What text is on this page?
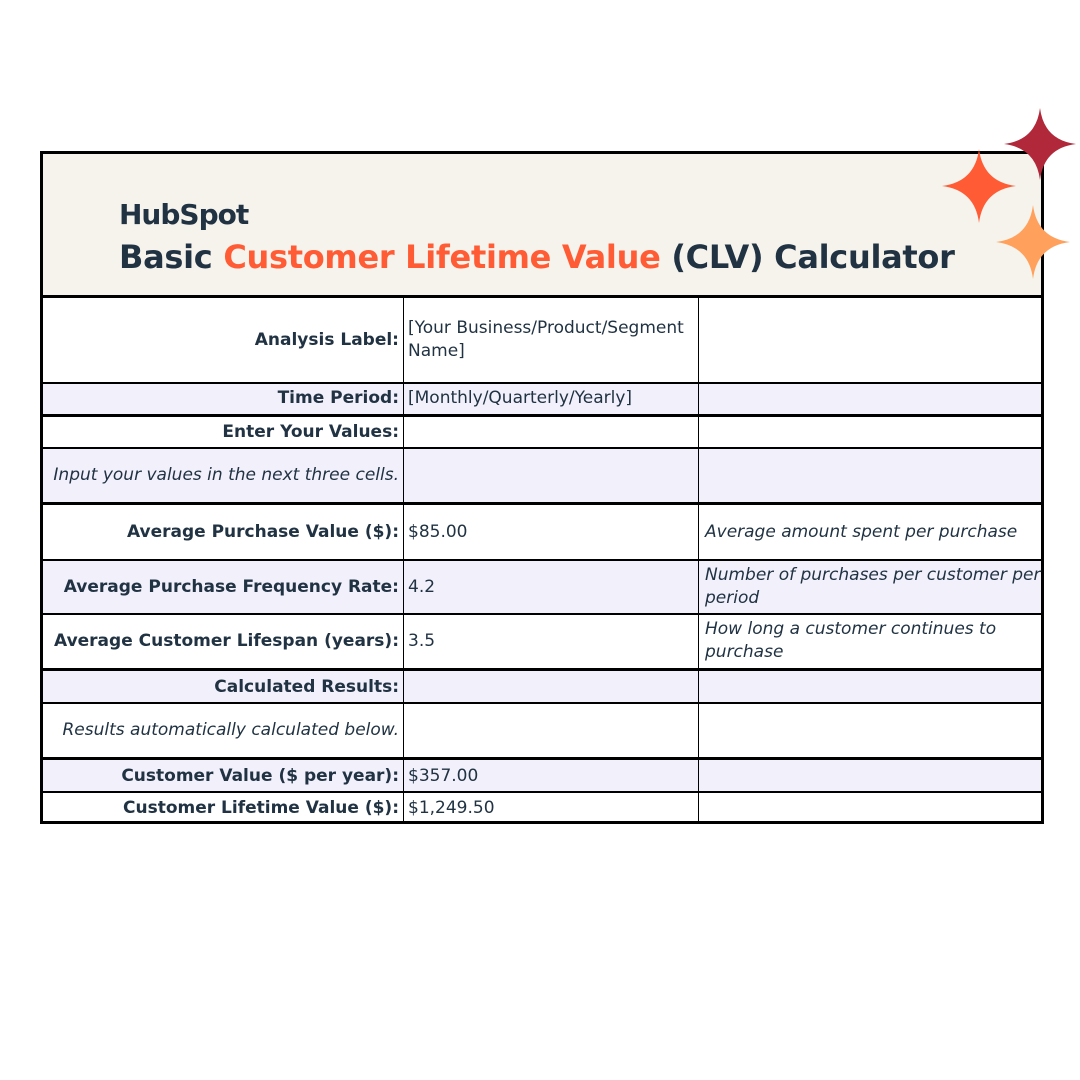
HubSpot
Basic Customer Lifetime Value (CLV) Calculator
Analysis Label:
[Your Business/Product/Segment Name]
Time Period: [Monthly/Quarterly/Yearly]
Enter Your Values:
Input your values in the next three cells.
Average Purchase Value ($): $85.00	Average amount spent per purchase
Average Purchase Frequency Rate: 4.2
Number of purchases per customer per period
Average Customer Lifespan (years): 3.5
How long a customer continues to purchase
Calculated Results:
Results automatically calculated below.
Customer Value ($ per year): $357.00
Customer Lifetime Value ($): $1,249.50
